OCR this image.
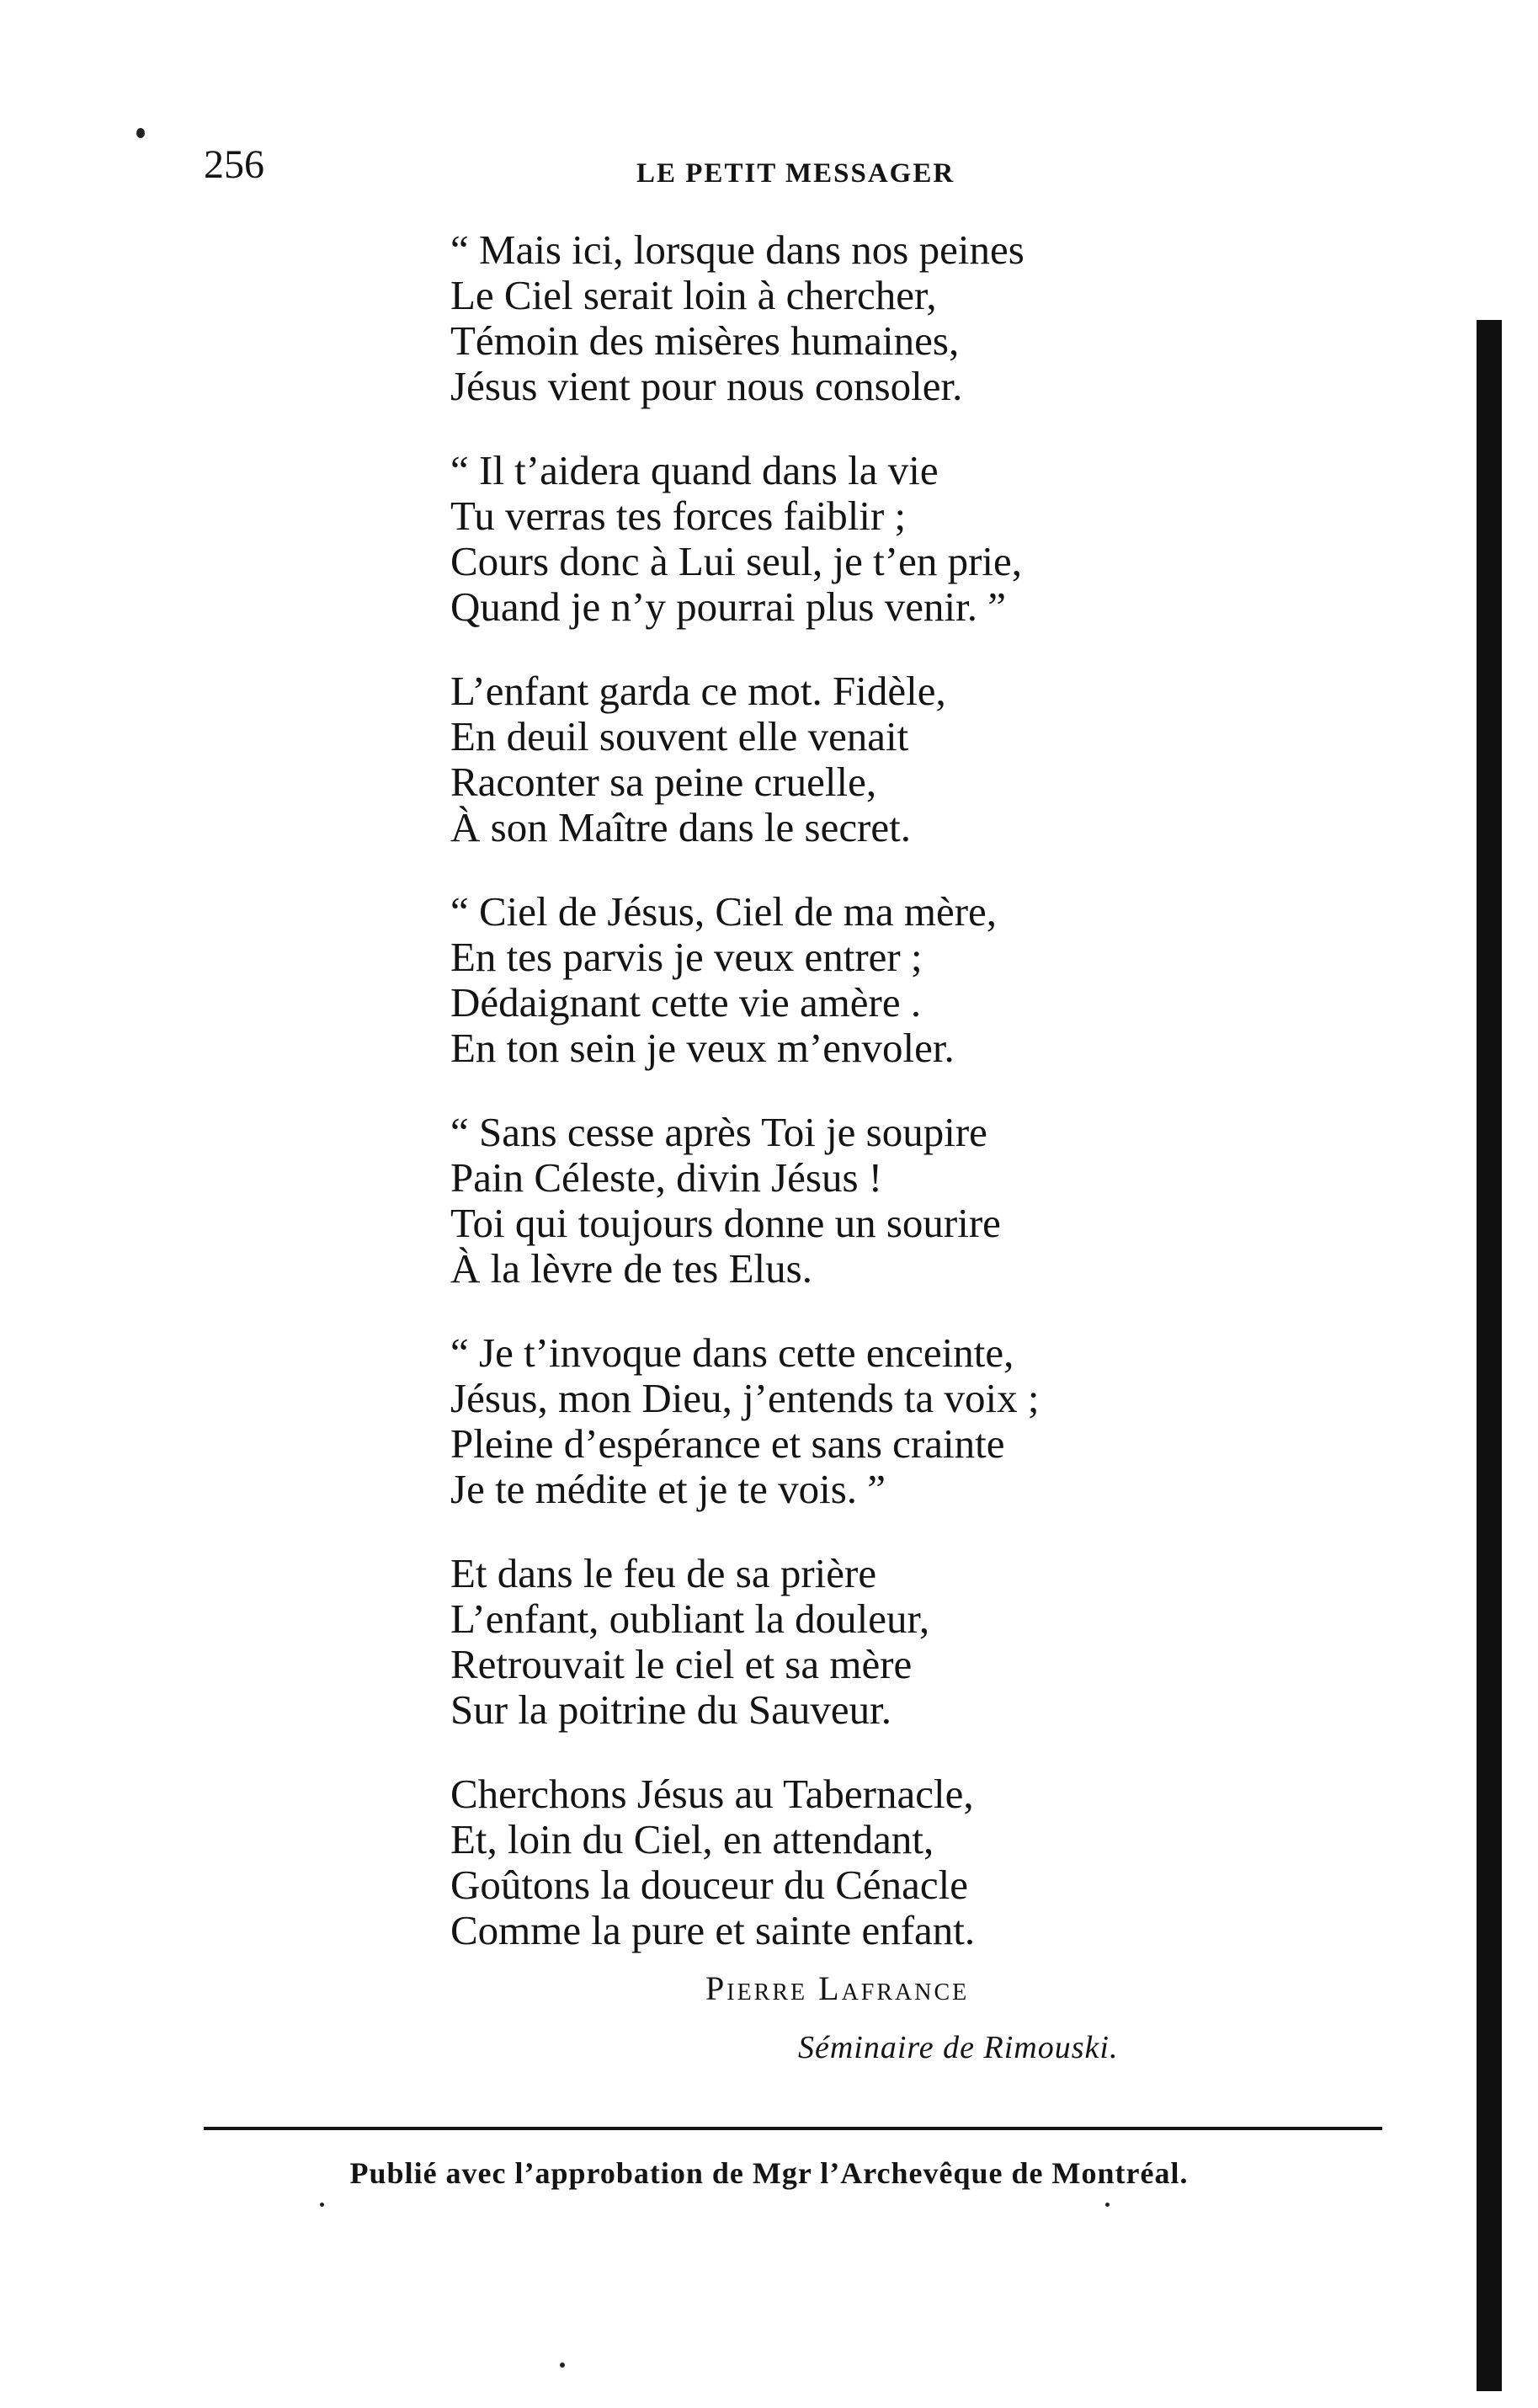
256	LE PETIT MESSAGER
“ Mais ici, lorsque dans nos peines
Le Ciel serait loin à chercher,
Témoin des misères humaines,
Jésus vient pour nous consoler.
“ Il t’aidera quand dans la vie
Tu verras tes forces faiblir ;
Cours donc à Lui seul, je t’en prie,
Quand je n’y pourrai plus venir. ”
L’enfant garda ce mot. Fidèle,
En deuil souvent elle venait
Raconter sa peine cruelle,
À son Maître dans le secret.
“ Ciel de Jésus, Ciel de ma mère,
En tes parvis je veux entrer ;
Dédaignant cette vie amère .
En ton sein je veux m’envoler.
“ Sans cesse après Toi je soupire
Pain Céleste, divin Jésus !
Toi qui toujours donne un sourire
À la lèvre de tes Elus.
“ Je t’invoque dans cette enceinte,
Jésus, mon Dieu, j’entends ta voix ;
Pleine d’espérance et sans crainte
Je te médite et je te vois. ”
Et dans le feu de sa prière
L’enfant, oubliant la douleur,
Retrouvait le ciel et sa mère
Sur la poitrine du Sauveur.
Cherchons Jésus au Tabernacle,
Et, loin du Ciel, en attendant,
Goûtons la douceur du Cénacle
Comme la pure et sainte enfant.
Pierre Lafrance
Séminaire de Rimouski.
Publié avec l’approbation de Mgr l’Archevêque de Montréal.
